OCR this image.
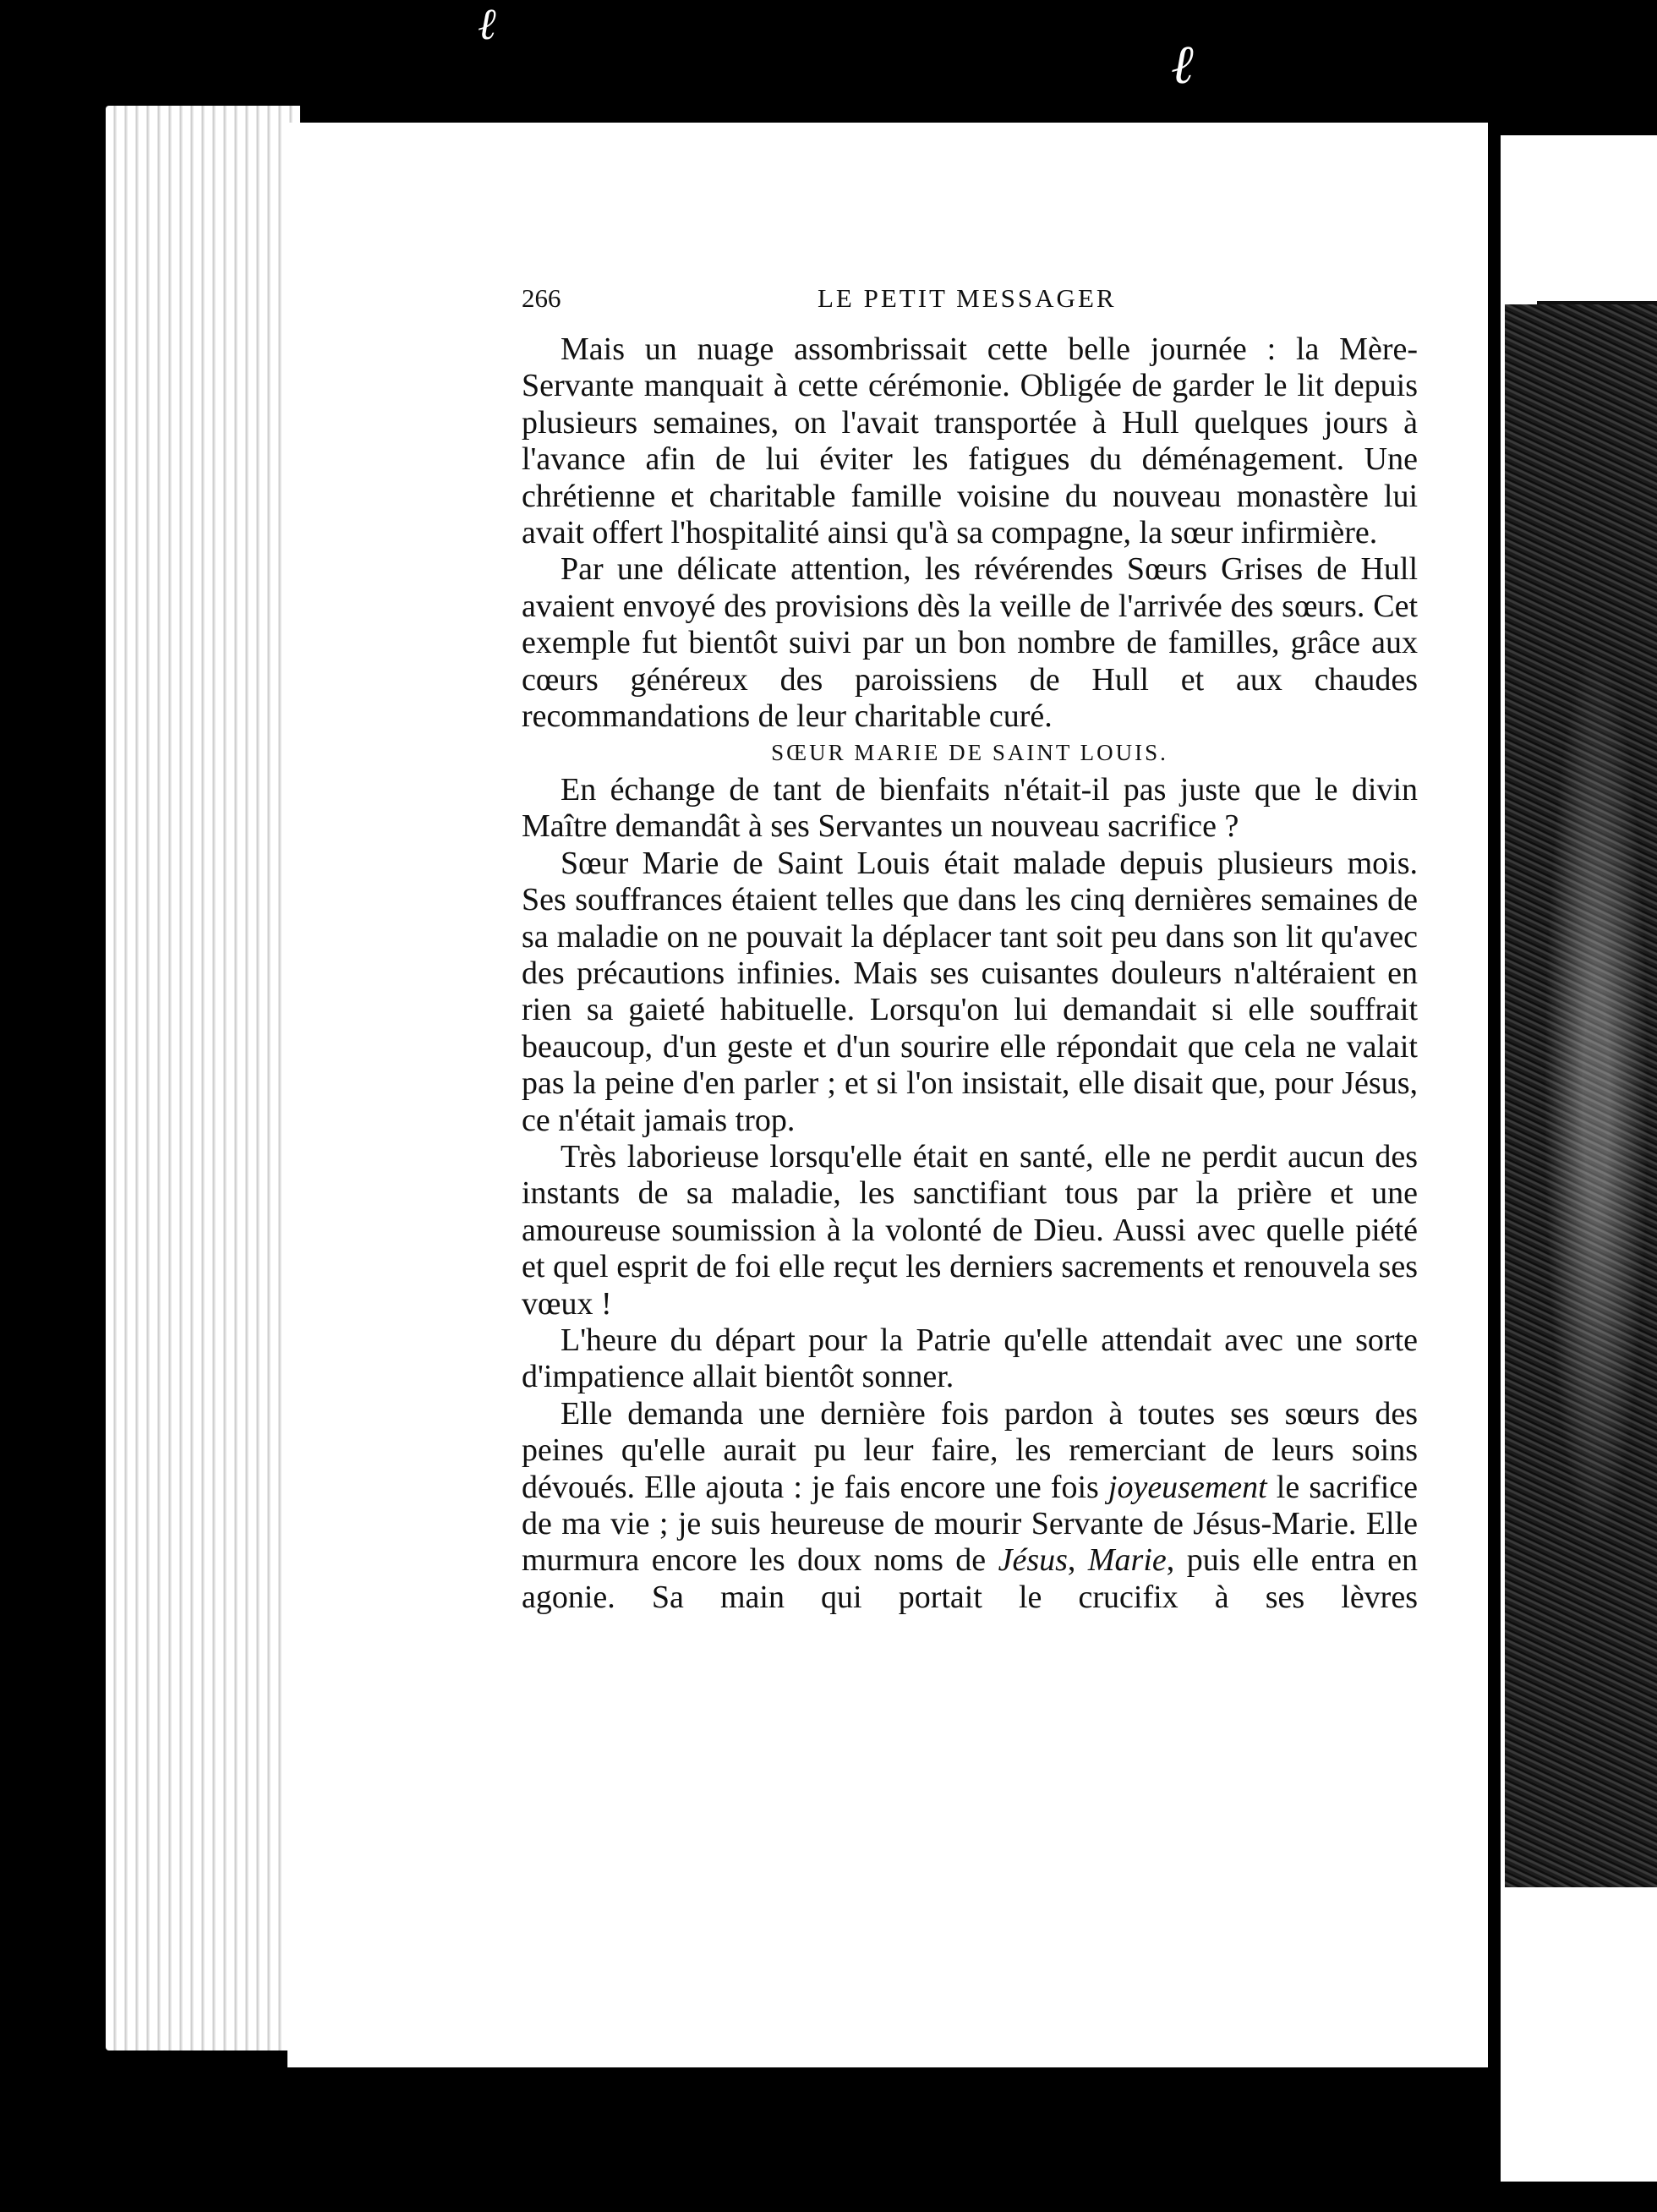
ℓ
ℓ
266	LE PETIT MESSAGER

Mais un nuage assombrissait cette belle journée : la Mère-Servante manquait à cette cérémonie. Obligée de garder le lit depuis plusieurs semaines, on l'avait transportée à Hull quelques jours à l'avance afin de lui éviter les fatigues du déménagement. Une chrétienne et charitable famille voisine du nouveau monastère lui avait offert l'hospitalité ainsi qu'à sa compagne, la sœur infirmière.

Par une délicate attention, les révérendes Sœurs Grises de Hull avaient envoyé des provisions dès la veille de l'arrivée des sœurs. Cet exemple fut bientôt suivi par un bon nombre de familles, grâce aux cœurs généreux des paroissiens de Hull et aux chaudes recommandations de leur charitable curé.

SŒUR MARIE DE SAINT LOUIS.

En échange de tant de bienfaits n'était-il pas juste que le divin Maître demandât à ses Servantes un nouveau sacrifice ?

Sœur Marie de Saint Louis était malade depuis plusieurs mois. Ses souffrances étaient telles que dans les cinq dernières semaines de sa maladie on ne pouvait la déplacer tant soit peu dans son lit qu'avec des précautions infinies. Mais ses cuisantes douleurs n'altéraient en rien sa gaieté habituelle. Lorsqu'on lui demandait si elle souffrait beaucoup, d'un geste et d'un sourire elle répondait que cela ne valait pas la peine d'en parler ; et si l'on insistait, elle disait que, pour Jésus, ce n'était jamais trop.

Très laborieuse lorsqu'elle était en santé, elle ne perdit aucun des instants de sa maladie, les sanctifiant tous par la prière et une amoureuse soumission à la volonté de Dieu. Aussi avec quelle piété et quel esprit de foi elle reçut les derniers sacrements et renouvela ses vœux !

L'heure du départ pour la Patrie qu'elle attendait avec une sorte d'impatience allait bientôt sonner.

Elle demanda une dernière fois pardon à toutes ses sœurs des peines qu'elle aurait pu leur faire, les remerciant de leurs soins dévoués. Elle ajouta : je fais encore une fois joyeusement le sacrifice de ma vie ; je suis heureuse de mourir Servante de Jésus-Marie. Elle murmura encore les doux noms de Jésus, Marie, puis elle entra en agonie. Sa main qui portait le crucifix à ses lèvres
